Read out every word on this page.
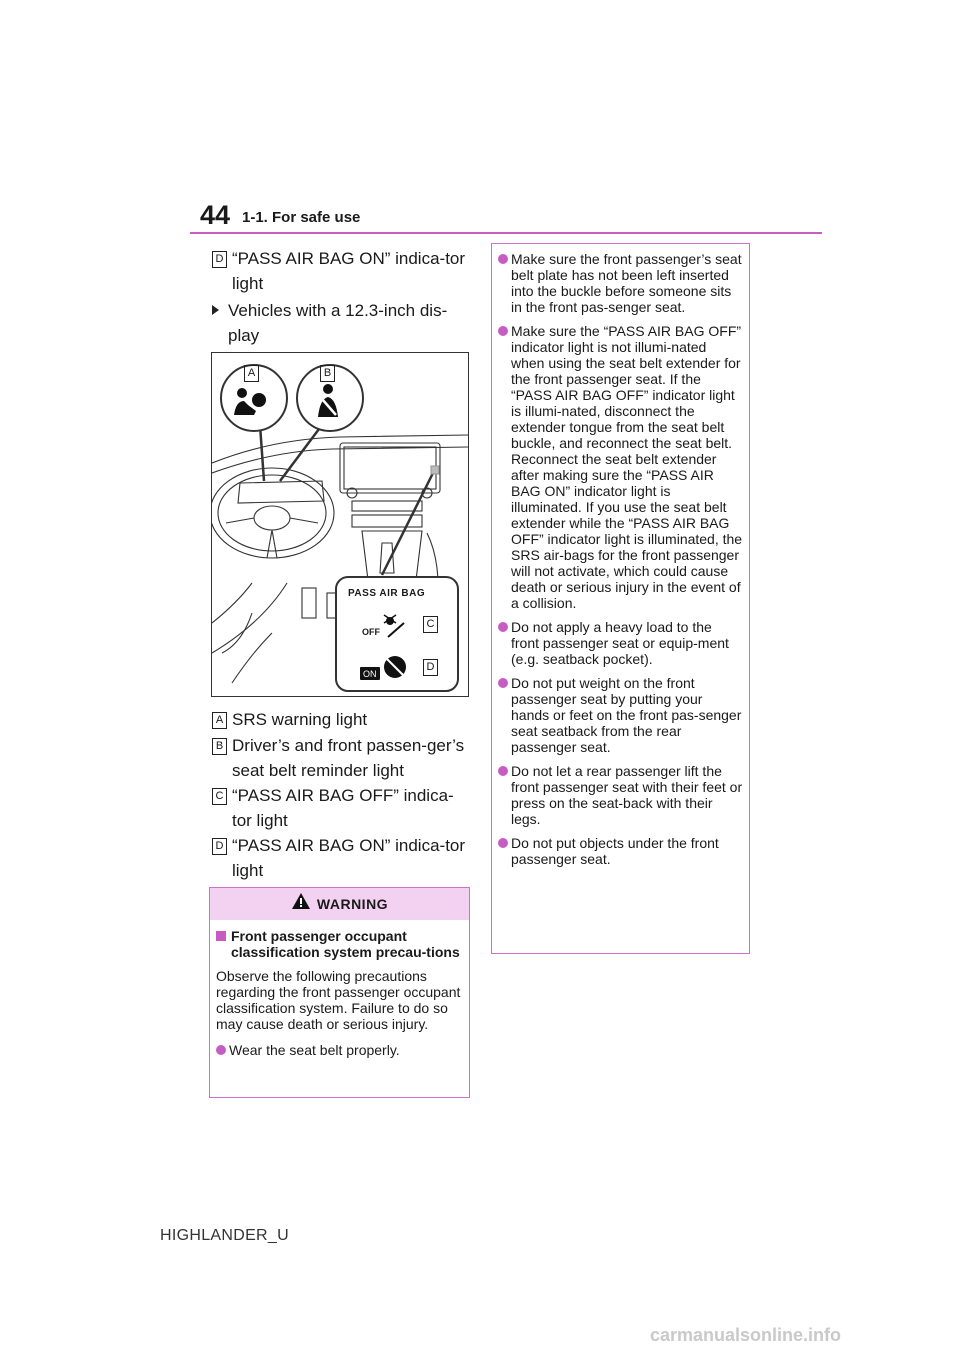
44 1-1. For safe use
D “PASS AIR BAG ON” indica-tor light
Vehicles with a 12.3-inch dis-play
A	B
C
D
PASS AIR BAG
OFF
ON
A SRS warning light
B Driver’s and front passen-ger’s seat belt reminder light
C “PASS AIR BAG OFF” indica-tor light
D “PASS AIR BAG ON” indica-tor light
WARNING
Front passenger occupant classification system precau-tions
Observe the following precautions regarding the front passenger occupant classification system. Failure to do so may cause death or serious injury.
Wear the seat belt properly.
Make sure the front passenger’s seat belt plate has not been left inserted into the buckle before someone sits in the front pas-senger seat.
Make sure the “PASS AIR BAG OFF” indicator light is not illumi-nated when using the seat belt extender for the front passenger seat. If the “PASS AIR BAG OFF” indicator light is illumi-nated, disconnect the extender tongue from the seat belt buckle, and reconnect the seat belt. Reconnect the seat belt extender after making sure the “PASS AIR BAG ON” indicator light is illuminated. If you use the seat belt extender while the “PASS AIR BAG OFF” indicator light is illuminated, the SRS air-bags for the front passenger will not activate, which could cause death or serious injury in the event of a collision.
Do not apply a heavy load to the front passenger seat or equip-ment (e.g. seatback pocket).
Do not put weight on the front passenger seat by putting your hands or feet on the front pas-senger seat seatback from the rear passenger seat.
Do not let a rear passenger lift the front passenger seat with their feet or press on the seat-back with their legs.
Do not put objects under the front passenger seat.
HIGHLANDER_U
carmanualsonline.info
